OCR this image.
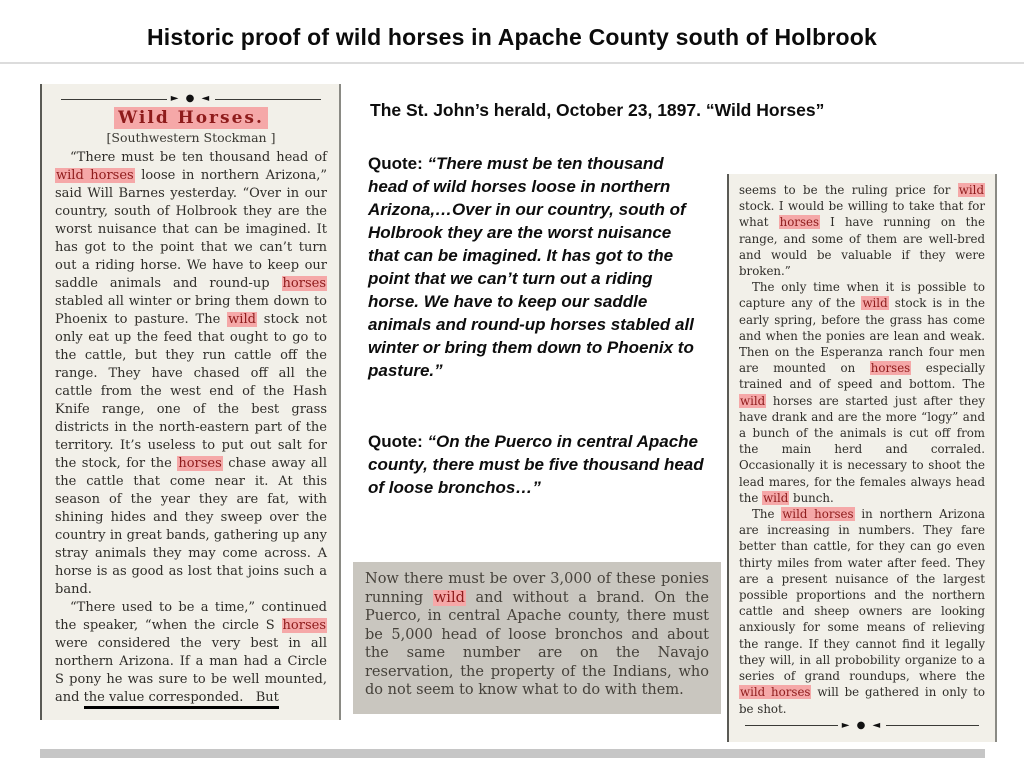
Historic proof of wild horses in Apache County south of Holbrook
► ● ◄
Wild Horses.
[Southwestern Stockman ]

“There must be ten thousand head of wild horses loose in northern Arizona,” said Will Barnes yesterday. “Over in our country, south of Holbrook they are the worst nuisance that can be imagined. It has got to the point that we can’t turn out a riding horse. We have to keep our saddle animals and round-up horses stabled all winter or bring them down to Phoenix to pasture. The wild stock not only eat up the feed that ought to go to the cattle, but they run cattle off the range. They have chased off all the cattle from the west end of the Hash Knife range, one of the best grass districts in the north-eastern part of the territory. It’s useless to put out salt for the stock, for the horses chase away all the cattle that come near it. At this season of the year they are fat, with shining hides and they sweep over the country in great bands, gathering up any stray animals they may come across. A horse is as good as lost that joins such a band.

“There used to be a time,” continued the speaker, “when the circle S horses were considered the very best in all northern Arizona. If a man had a Circle S pony he was sure to be well mounted, and the value corresponded.   But

The St. John’s herald, October 23, 1897. “Wild Horses”
Quote: “There must be ten thousand head of wild horses loose in northern Arizona,…Over in our country, south of Holbrook they are the worst nuisance that can be imagined. It has got to the point that we can’t turn out a riding horse. We have to keep our saddle animals and round-up horses stabled all winter or bring them down to Phoenix to pasture.”
Quote: “On the Puerco in central Apache county, there must be five thousand head of loose bronchos…”

Now there must be over 3,000 of these ponies running wild and without a brand. On the Puerco, in central Apache county, there must be 5,000 head of loose bronchos and about the same number are on the Navajo reservation, the property of the Indians, who do not seem to know what to do with them.

seems to be the ruling price for wild stock. I would be willing to take that for what horses I have running on the range, and some of them are well-bred and would be valuable if they were broken.”

The only time when it is possible to capture any of the wild stock is in the early spring, before the grass has come and when the ponies are lean and weak. Then on the Esperanza ranch four men are mounted on horses especially trained and of speed and bottom. The wild horses are started just after they have drank and are the more “logy” and a bunch of the animals is cut off from the main herd and corraled. Occasionally it is necessary to shoot the lead mares, for the females always head the wild bunch.

The wild horses in northern Arizona are increasing in numbers. They fare better than cattle, for they can go even thirty miles from water after feed. They are a present nuisance of the largest possible proportions and the northern cattle and sheep owners are looking anxiously for some means of relieving the range. If they cannot find it legally they will, in all probobility organize to a series of grand roundups, where the wild horses will be gathered in only to be shot.

► ● ◄
